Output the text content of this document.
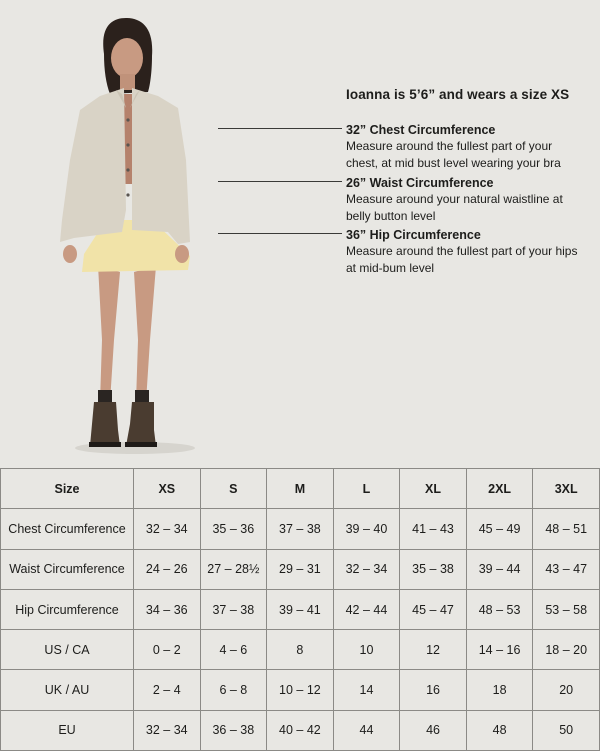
Ioanna is 5’6” and wears a size XS
32” Chest Circumference
Measure around the fullest part of your
chest, at mid bust level wearing your bra
26” Waist Circumference
Measure around your natural waistline at
belly button level
36” Hip Circumference
Measure around the fullest part of your hips
at mid-bum level
Size	XS	S	M	L	XL	2XL	3XL
Chest Circumference	32 – 34	35 – 36	37 – 38	39 – 40	41 – 43	45 – 49	48 – 51
Waist Circumference	24 – 26	27 – 28½	29 – 31	32 – 34	35 – 38	39 – 44	43 – 47
Hip Circumference	34 – 36	37 – 38	39 – 41	42 – 44	45 – 47	48 – 53	53 – 58
US / CA	0 – 2	4 – 6	8	10	12	14 – 16	18 – 20
UK / AU	2 – 4	6 – 8	10 – 12	14	16	18	20
EU	32 – 34	36 – 38	40 – 42	44	46	48	50
